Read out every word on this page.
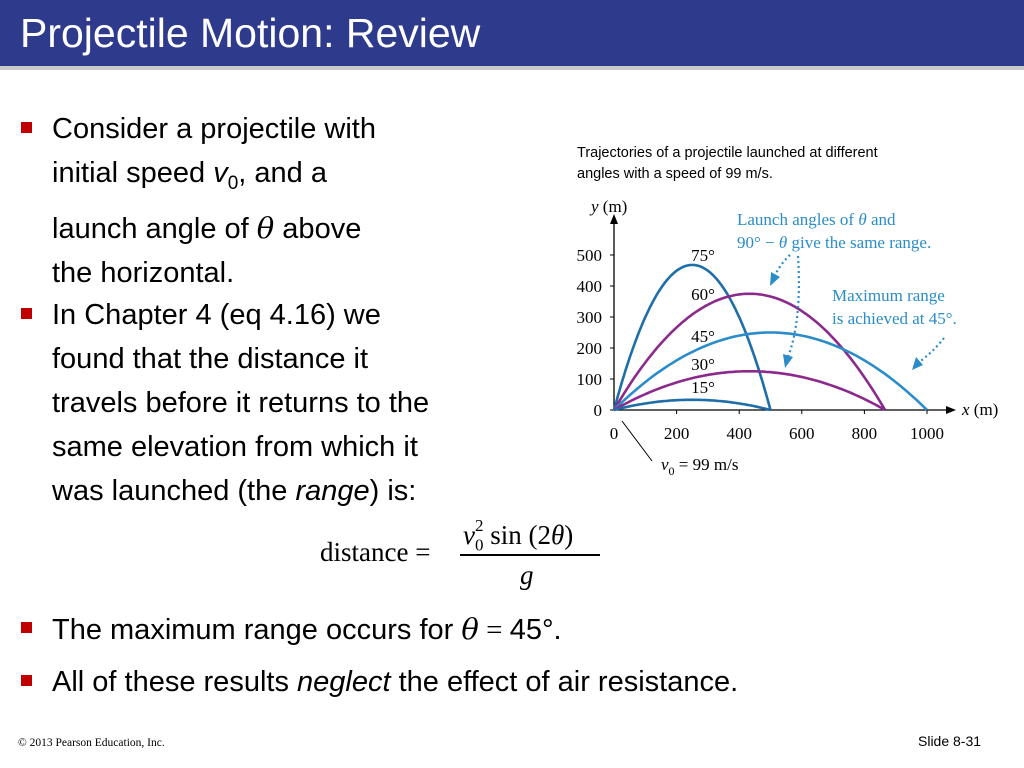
Projectile Motion: Review
Consider a projectile with
initial speed $v_0$, and a
launch angle of θ above
the horizontal.
In Chapter 4 (eq 4.16) we
found that the distance it
travels before it returns to the
same elevation from which it
was launched (the range) is:
distance =
$v_0$
2 sin (2θ)
g
The maximum range occurs for θ = 45°.
All of these results neglect the effect of air resistance.
Trajectories of a projectile launched at different
angles with a speed of 99 m/s.
0
100
200
300
400
500
0	200 400 600 800 1000
y (m)
x (m)
75°
60°
45°
30°
15°
Launch angles of θ and
90° − θ give the same range.
Maximum range
is achieved at 45°.
$v_0 = 99$ m/s
© 2013 Pearson Education, Inc.	Slide 8-31
